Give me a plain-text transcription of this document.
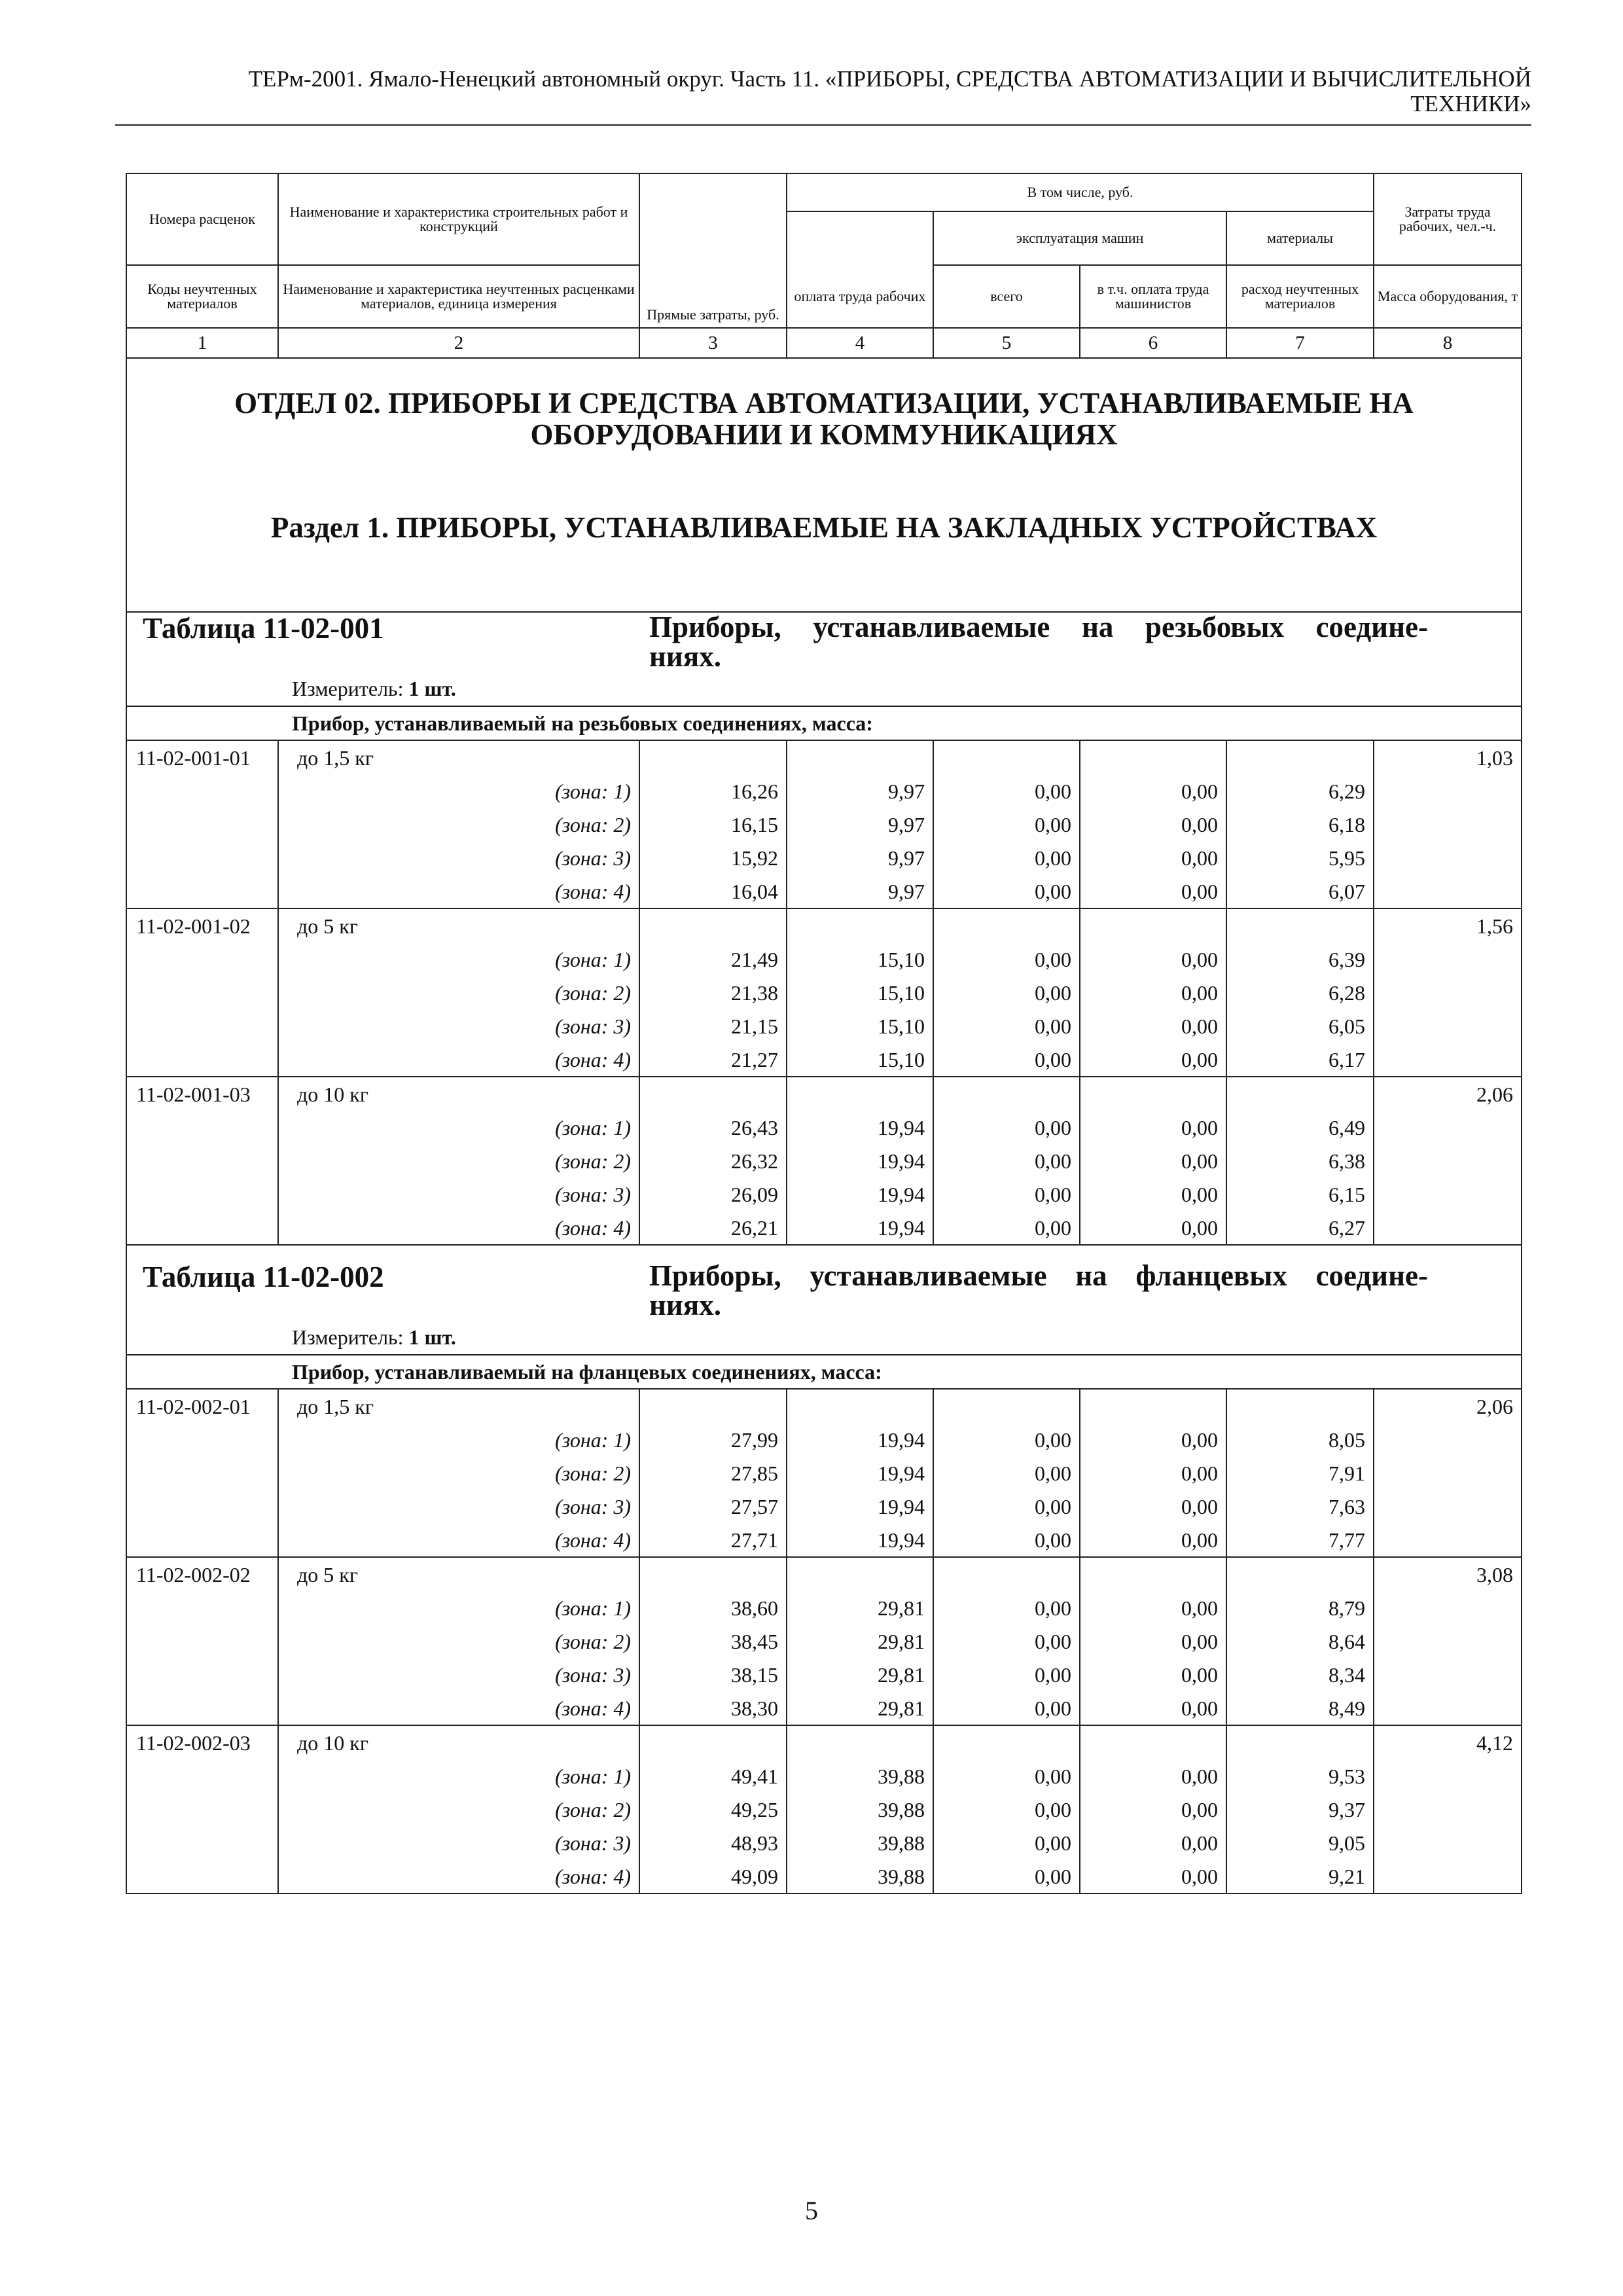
ТЕРм-2001. Ямало-Ненецкий автономный округ. Часть 11. «ПРИБОРЫ, СРЕДСТВА АВТОМАТИЗАЦИИ И ВЫЧИСЛИТЕЛЬНОЙ
ТЕХНИКИ»
Номера расценок	Наименование и характеристика строительных работ и конструкций	Прямые затраты, руб.	В том числе, руб.				Затраты труда рабочих, чел.-ч.
				эксплуатация машин		материалы	
Коды неучтенных материалов	Наименование и характеристика неучтенных расценками материалов, единица измерения		оплата труда рабочих	всего	в т.ч. оплата труда машинистов	расход неучтенных материалов	Масса оборудования, т
1	2	3	4	5	6	7	8

ОТДЕЛ 02. ПРИБОРЫ И СРЕДСТВА АВТОМАТИЗАЦИИ, УСТАНАВЛИВАЕМЫЕ НА
ОБОРУДОВАНИИ И КОММУНИКАЦИЯХ
Раздел 1. ПРИБОРЫ, УСТАНАВЛИВАЕМЫЕ НА ЗАКЛАДНЫХ УСТРОЙСТВАХ							

Таблица 11-02-001 Приборы, устанавливаемые на резьбовых соедине-
ниях.
Измеритель: 1 шт.							

Прибор, устанавливаемый на резьбовых соединениях, масса:							
11-02-001-01	до 1,5 кг						1,03
	(зона: 1)	16,26	9,97	0,00	0,00	6,29	
	(зона: 2)	16,15	9,97	0,00	0,00	6,18	
	(зона: 3)	15,92	9,97	0,00	0,00	5,95	
	(зона: 4)	16,04	9,97	0,00	0,00	6,07	
11-02-001-02	до 5 кг						1,56
	(зона: 1)	21,49	15,10	0,00	0,00	6,39	
	(зона: 2)	21,38	15,10	0,00	0,00	6,28	
	(зона: 3)	21,15	15,10	0,00	0,00	6,05	
	(зона: 4)	21,27	15,10	0,00	0,00	6,17	
11-02-001-03	до 10 кг						2,06
	(зона: 1)	26,43	19,94	0,00	0,00	6,49	
	(зона: 2)	26,32	19,94	0,00	0,00	6,38	
	(зона: 3)	26,09	19,94	0,00	0,00	6,15	
	(зона: 4)	26,21	19,94	0,00	0,00	6,27	

Таблица 11-02-002 Приборы, устанавливаемые на фланцевых соедине-
ниях.
Измеритель: 1 шт.							

Прибор, устанавливаемый на фланцевых соединениях, масса:							
11-02-002-01	до 1,5 кг						2,06
	(зона: 1)	27,99	19,94	0,00	0,00	8,05	
	(зона: 2)	27,85	19,94	0,00	0,00	7,91	
	(зона: 3)	27,57	19,94	0,00	0,00	7,63	
	(зона: 4)	27,71	19,94	0,00	0,00	7,77	
11-02-002-02	до 5 кг						3,08
	(зона: 1)	38,60	29,81	0,00	0,00	8,79	
	(зона: 2)	38,45	29,81	0,00	0,00	8,64	
	(зона: 3)	38,15	29,81	0,00	0,00	8,34	
	(зона: 4)	38,30	29,81	0,00	0,00	8,49	
11-02-002-03	до 10 кг						4,12
	(зона: 1)	49,41	39,88	0,00	0,00	9,53	
	(зона: 2)	49,25	39,88	0,00	0,00	9,37	
	(зона: 3)	48,93	39,88	0,00	0,00	9,05	
	(зона: 4)	49,09	39,88	0,00	0,00	9,21	
5
